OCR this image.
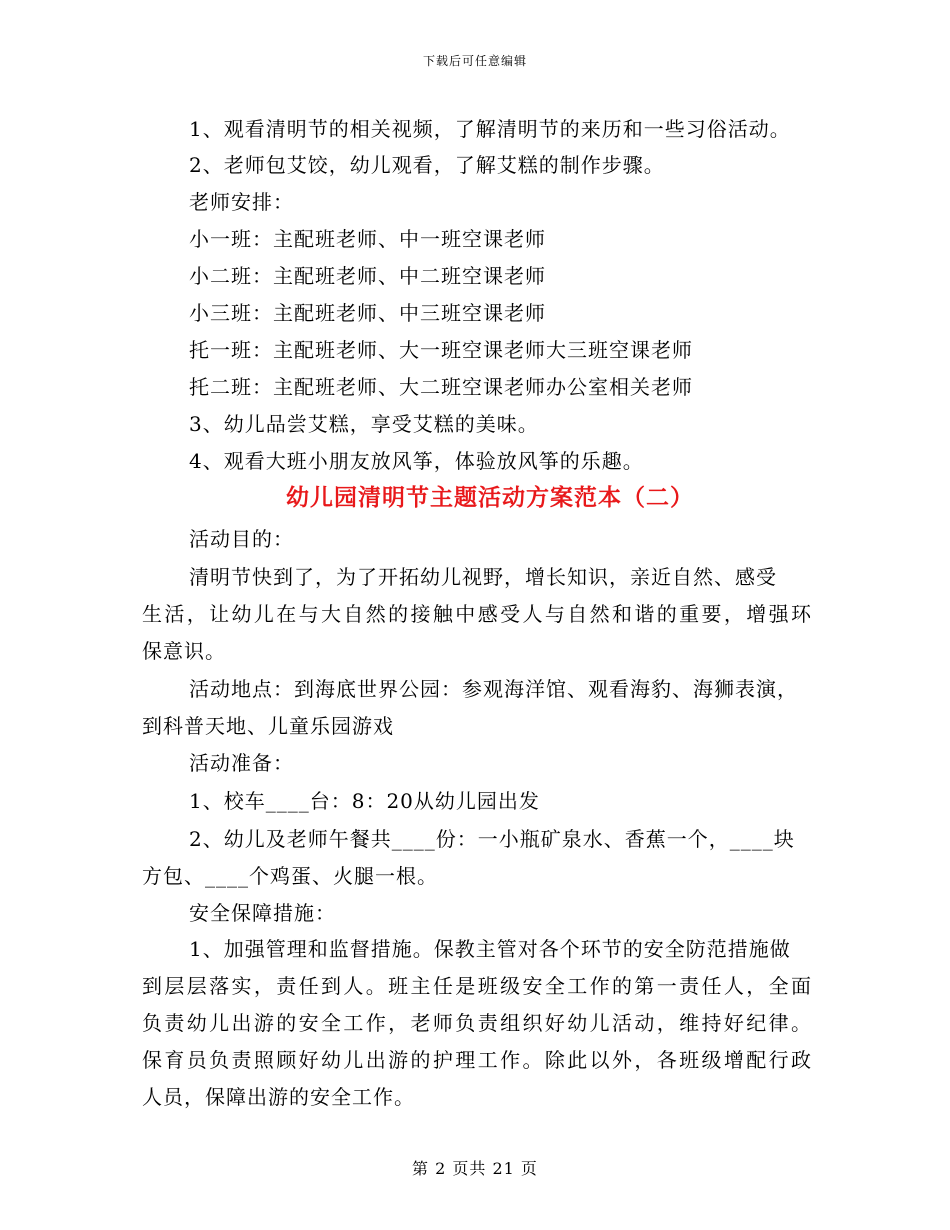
下载后可任意编辑
1、观看清明节的相关视频，了解清明节的来历和一些习俗活动。
2、老师包艾饺，幼儿观看，了解艾糕的制作步骤。
老师安排：
小一班：主配班老师、中一班空课老师
小二班：主配班老师、中二班空课老师
小三班：主配班老师、中三班空课老师
托一班：主配班老师、大一班空课老师大三班空课老师
托二班：主配班老师、大二班空课老师办公室相关老师
3、幼儿品尝艾糕，享受艾糕的美味。
4、观看大班小朋友放风筝，体验放风筝的乐趣。
幼儿园清明节主题活动方案范本（二）
活动目的：
清明节快到了，为了开拓幼儿视野，增长知识，亲近自然、感受
生活，让幼儿在与大自然的接触中感受人与自然和谐的重要，增强环
保意识。
活动地点：到海底世界公园：参观海洋馆、观看海豹、海狮表演，
到科普天地、儿童乐园游戏
活动准备：
1、校车____台：8：20从幼儿园出发
2、幼儿及老师午餐共____份：一小瓶矿泉水、香蕉一个，____块
方包、____个鸡蛋、火腿一根。
安全保障措施：
1、加强管理和监督措施。保教主管对各个环节的安全防范措施做
到层层落实，责任到人。班主任是班级安全工作的第一责任人，全面
负责幼儿出游的安全工作，老师负责组织好幼儿活动，维持好纪律。
保育员负责照顾好幼儿出游的护理工作。除此以外，各班级增配行政
人员，保障出游的安全工作。
第 2 页共 21 页
